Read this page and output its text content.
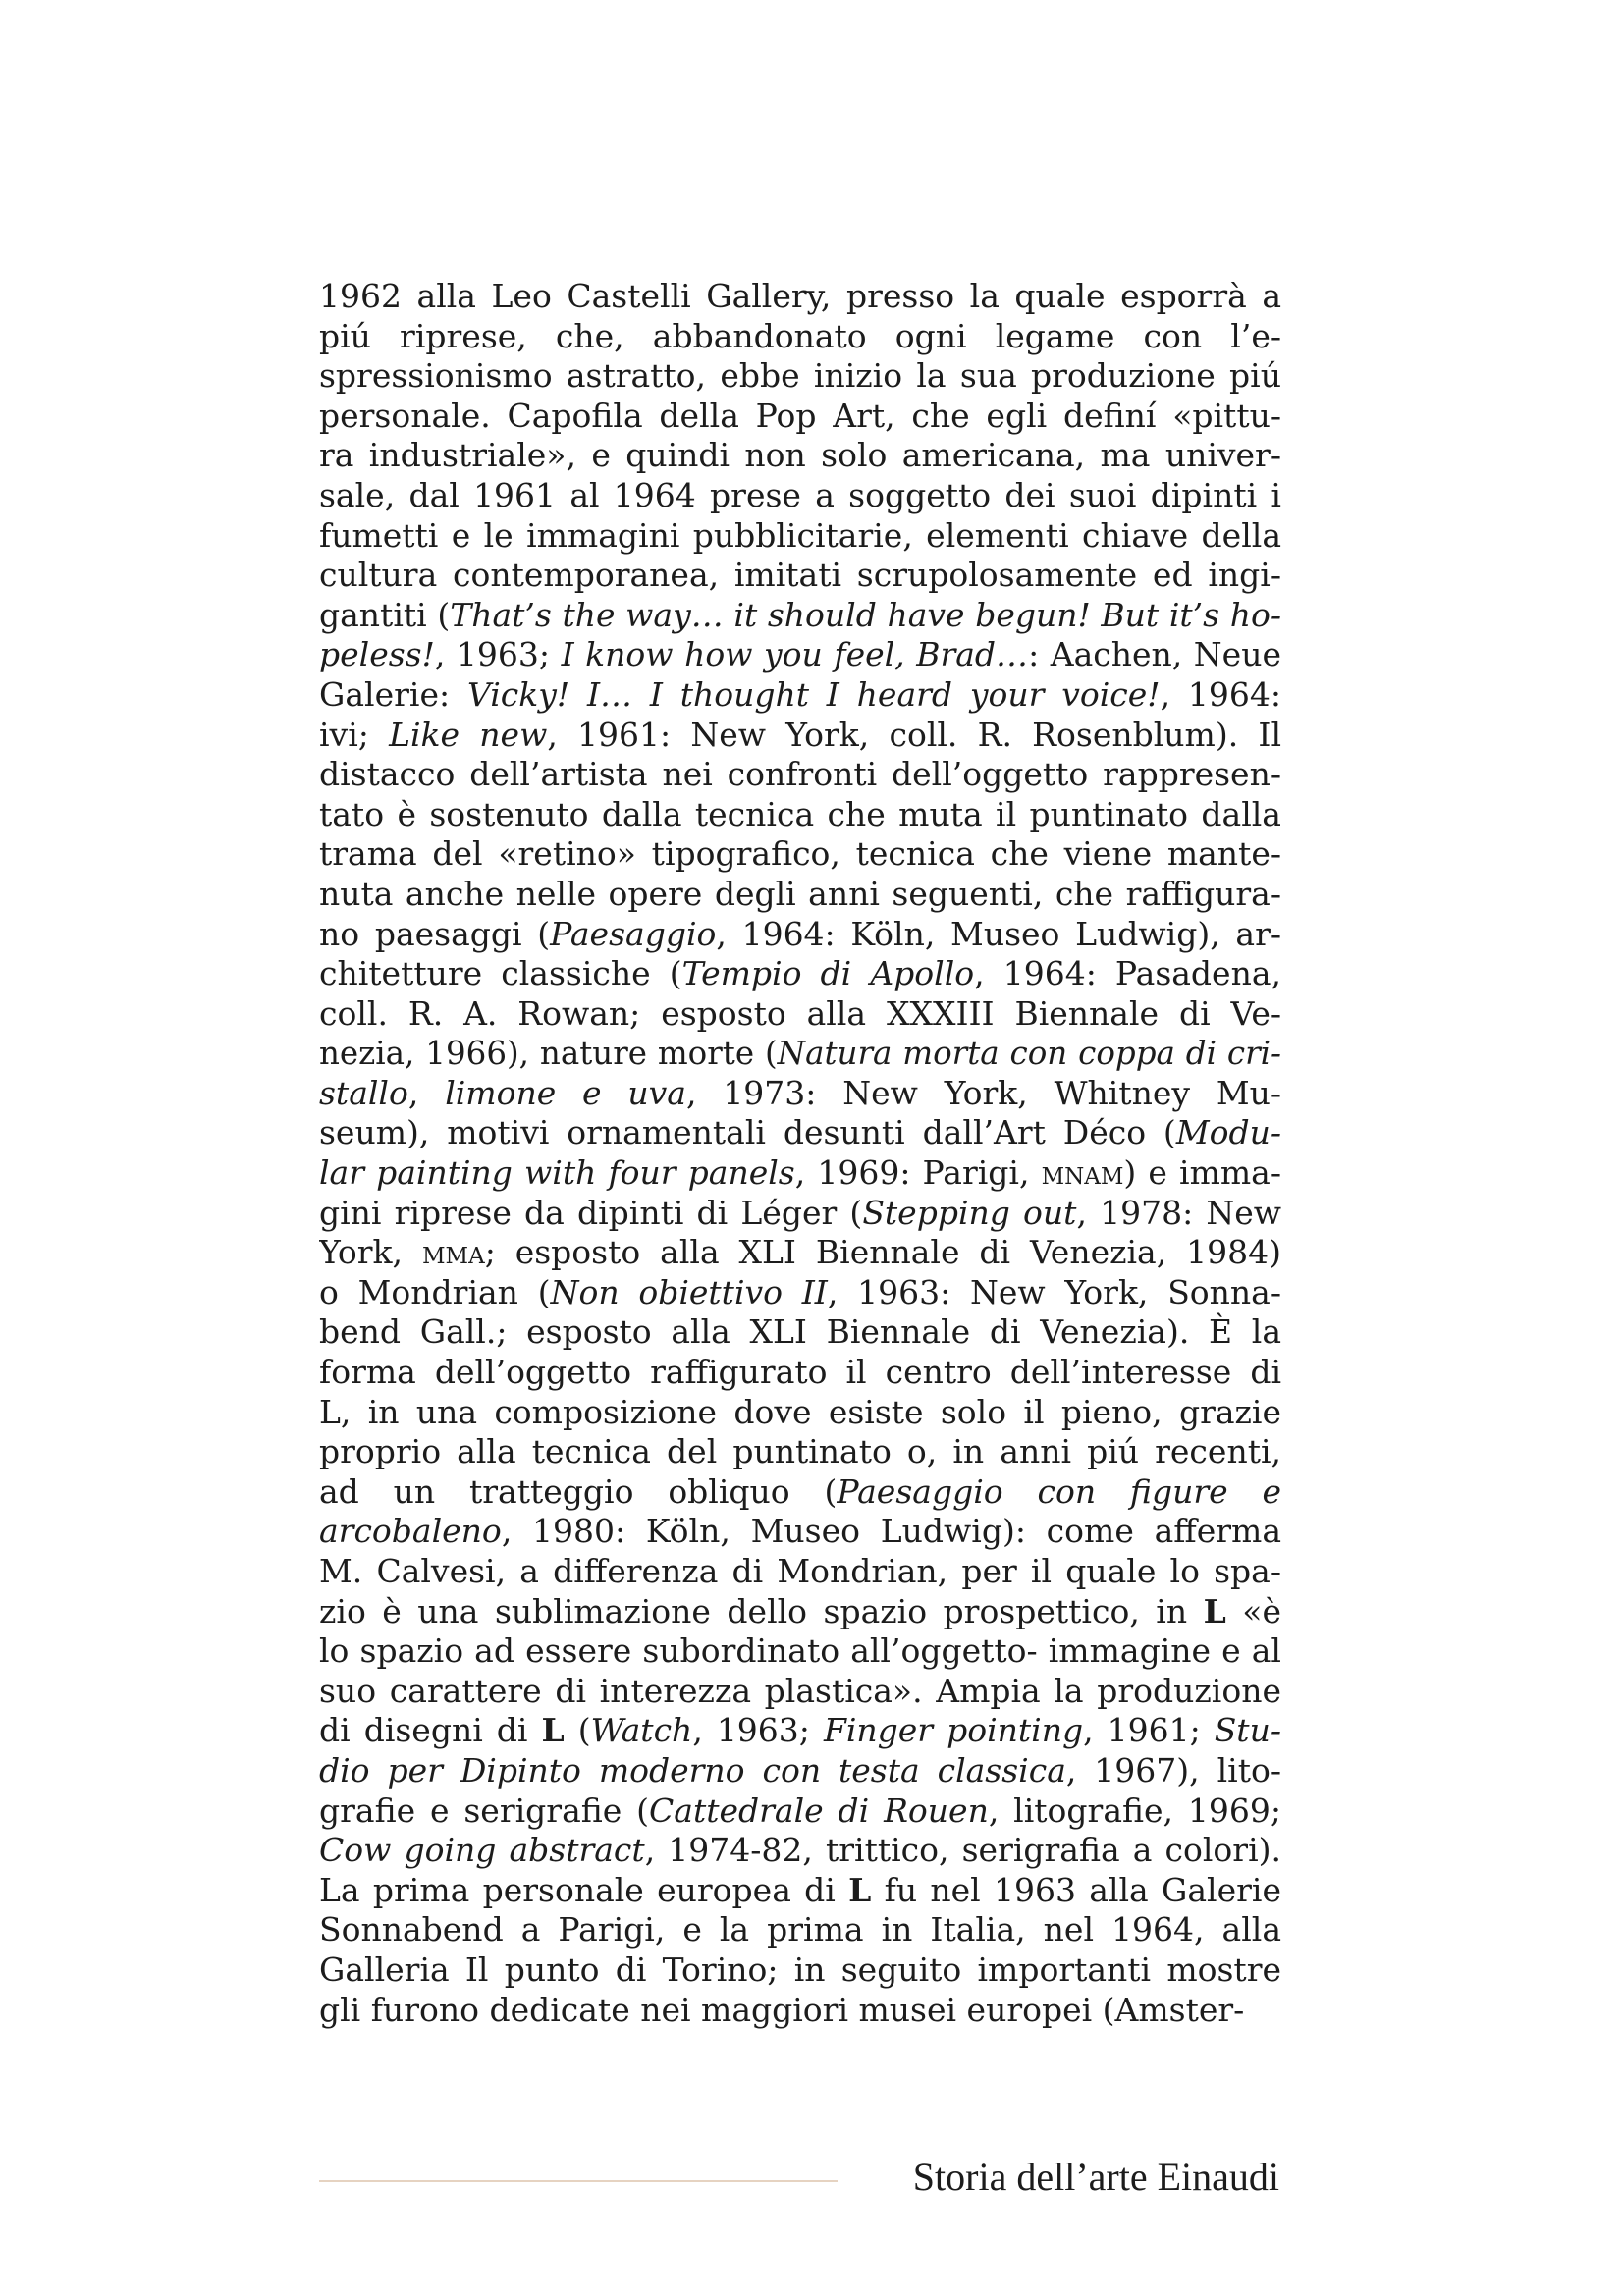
1962 alla Leo Castelli Gallery, presso la quale esporrà a
piú riprese, che, abbandonato ogni legame con l’e-
spressionismo astratto, ebbe inizio la sua produzione piú
personale. Capofila della Pop Art, che egli definí «pittu-
ra industriale», e quindi non solo americana, ma univer-
sale, dal 1961 al 1964 prese a soggetto dei suoi dipinti i
fumetti e le immagini pubblicitarie, elementi chiave della
cultura contemporanea, imitati scrupolosamente ed ingi-
gantiti (That’s the way… it should have begun! But it’s ho-
peless!, 1963; I know how you feel, Brad…: Aachen, Neue
Galerie: Vicky! I… I thought I heard your voice!, 1964:
ivi; Like new, 1961: New York, coll. R. Rosenblum). Il
distacco dell’artista nei confronti dell’oggetto rappresen-
tato è sostenuto dalla tecnica che muta il puntinato dalla
trama del «retino» tipografico, tecnica che viene mante-
nuta anche nelle opere degli anni seguenti, che raffigura-
no paesaggi (Paesaggio, 1964: Köln, Museo Ludwig), ar-
chitetture classiche (Tempio di Apollo, 1964: Pasadena,
coll. R. A. Rowan; esposto alla XXXIII Biennale di Ve-
nezia, 1966), nature morte (Natura morta con coppa di cri-
stallo, limone e uva, 1973: New York, Whitney Mu-
seum), motivi ornamentali desunti dall’Art Déco (Modu-
lar painting with four panels, 1969: Parigi, mnam) e imma-
gini riprese da dipinti di Léger (Stepping out, 1978: New
York, mma; esposto alla XLI Biennale di Venezia, 1984)
o Mondrian (Non obiettivo II, 1963: New York, Sonna-
bend Gall.; esposto alla XLI Biennale di Venezia). È la
forma dell’oggetto raffigurato il centro dell’interesse di
L, in una composizione dove esiste solo il pieno, grazie
proprio alla tecnica del puntinato o, in anni piú recenti,
ad un tratteggio obliquo (Paesaggio con figure e
arcobaleno, 1980: Köln, Museo Ludwig): come afferma
M. Calvesi, a differenza di Mondrian, per il quale lo spa-
zio è una sublimazione dello spazio prospettico, in L «è
lo spazio ad essere subordinato all’oggetto- immagine e al
suo carattere di interezza plastica». Ampia la produzione
di disegni di L (Watch, 1963; Finger pointing, 1961; Stu-
dio per Dipinto moderno con testa classica, 1967), lito-
grafie e serigrafie (Cattedrale di Rouen, litografie, 1969;
Cow going abstract, 1974-82, trittico, serigrafia a colori).
La prima personale europea di L fu nel 1963 alla Galerie
Sonnabend a Parigi, e la prima in Italia, nel 1964, alla
Galleria Il punto di Torino; in seguito importanti mostre
gli furono dedicate nei maggiori musei europei (Amster-
Storia dell’arte Einaudi
